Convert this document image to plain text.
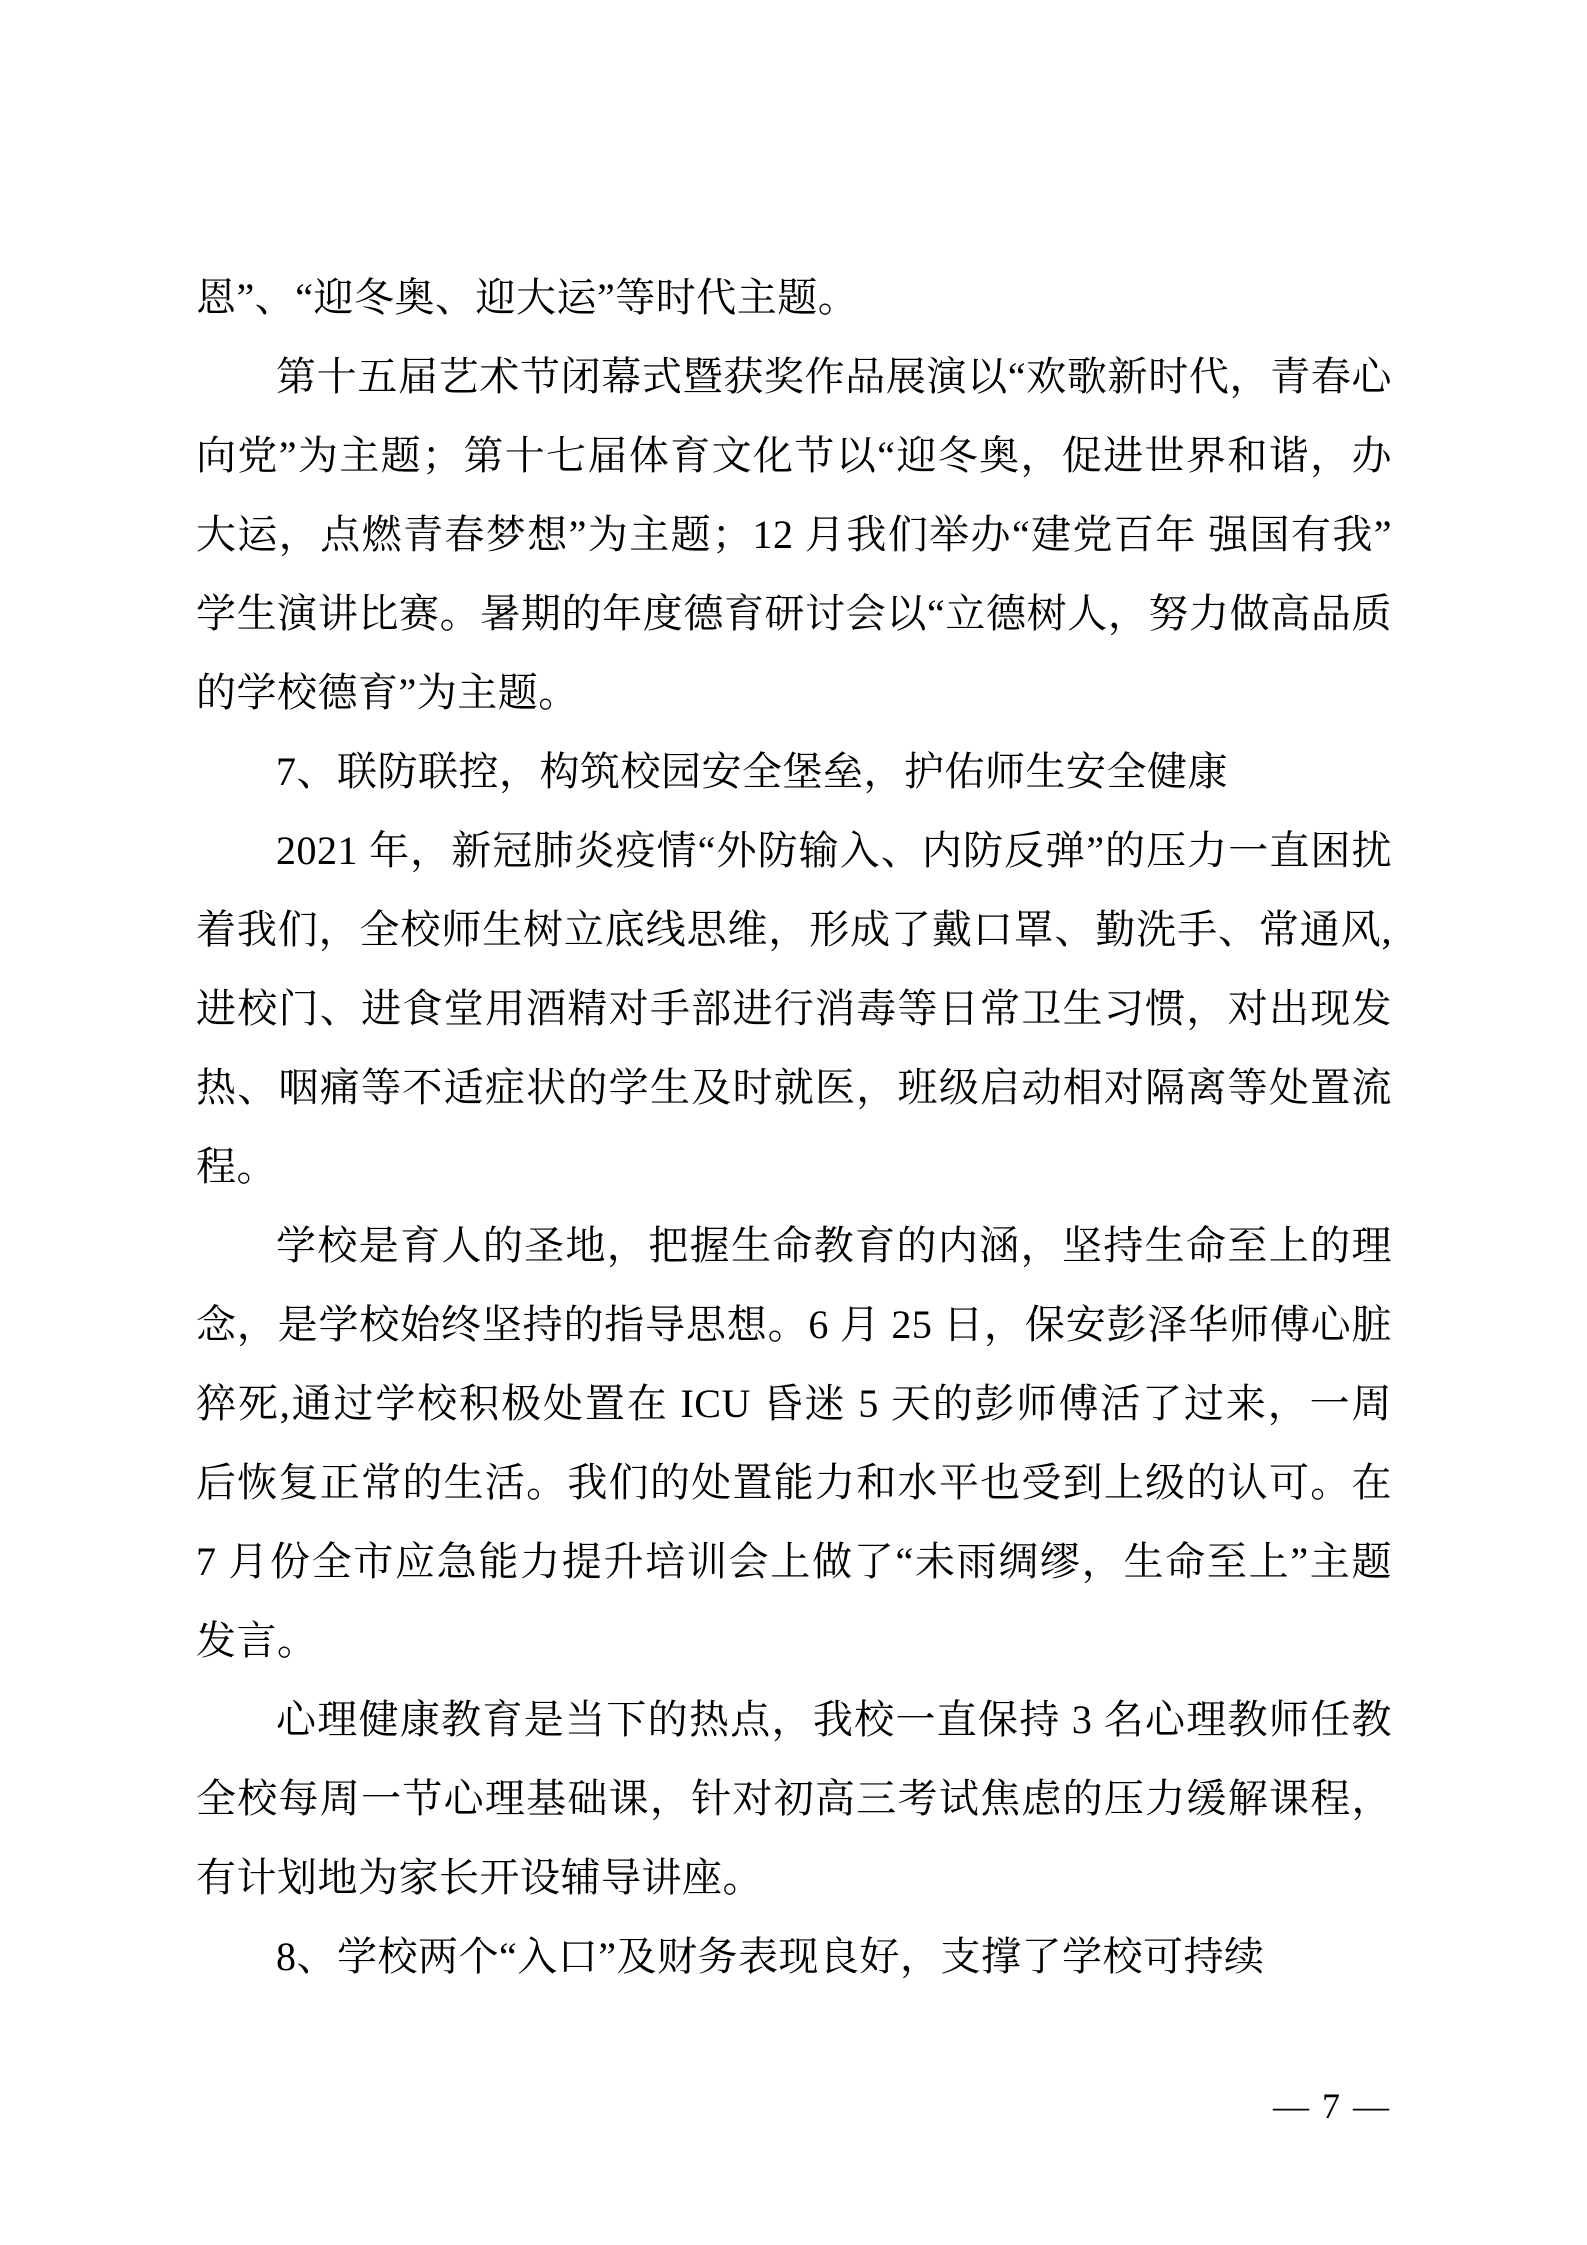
恩”、“迎冬奥、迎大运”等时代主题。

第十五届艺术节闭幕式暨获奖作品展演以“欢歌新时代，青春心向党”为主题；第十七届体育文化节以“迎冬奥，促进世界和谐，办大运，点燃青春梦想”为主题；12 月我们举办“建党百年 强国有我”学生演讲比赛。暑期的年度德育研讨会以“立德树人，努力做高品质的学校德育”为主题。

7、联防联控，构筑校园安全堡垒，护佑师生安全健康

2021 年，新冠肺炎疫情“外防输入、内防反弹”的压力一直困扰着我们，全校师生树立底线思维，形成了戴口罩、勤洗手、常通风,进校门、进食堂用酒精对手部进行消毒等日常卫生习惯，对出现发热、咽痛等不适症状的学生及时就医，班级启动相对隔离等处置流程。

学校是育人的圣地，把握生命教育的内涵，坚持生命至上的理念，是学校始终坚持的指导思想。6 月 25 日，保安彭泽华师傅心脏猝死,通过学校积极处置在 ICU 昏迷 5 天的彭师傅活了过来，一周后恢复正常的生活。我们的处置能力和水平也受到上级的认可。在 7 月份全市应急能力提升培训会上做了“未雨绸缪，生命至上”主题发言。

心理健康教育是当下的热点，我校一直保持 3 名心理教师任教全校每周一节心理基础课，针对初高三考试焦虑的压力缓解课程，有计划地为家长开设辅导讲座。

8、学校两个“入口”及财务表现良好，支撑了学校可持续

— 7 —
